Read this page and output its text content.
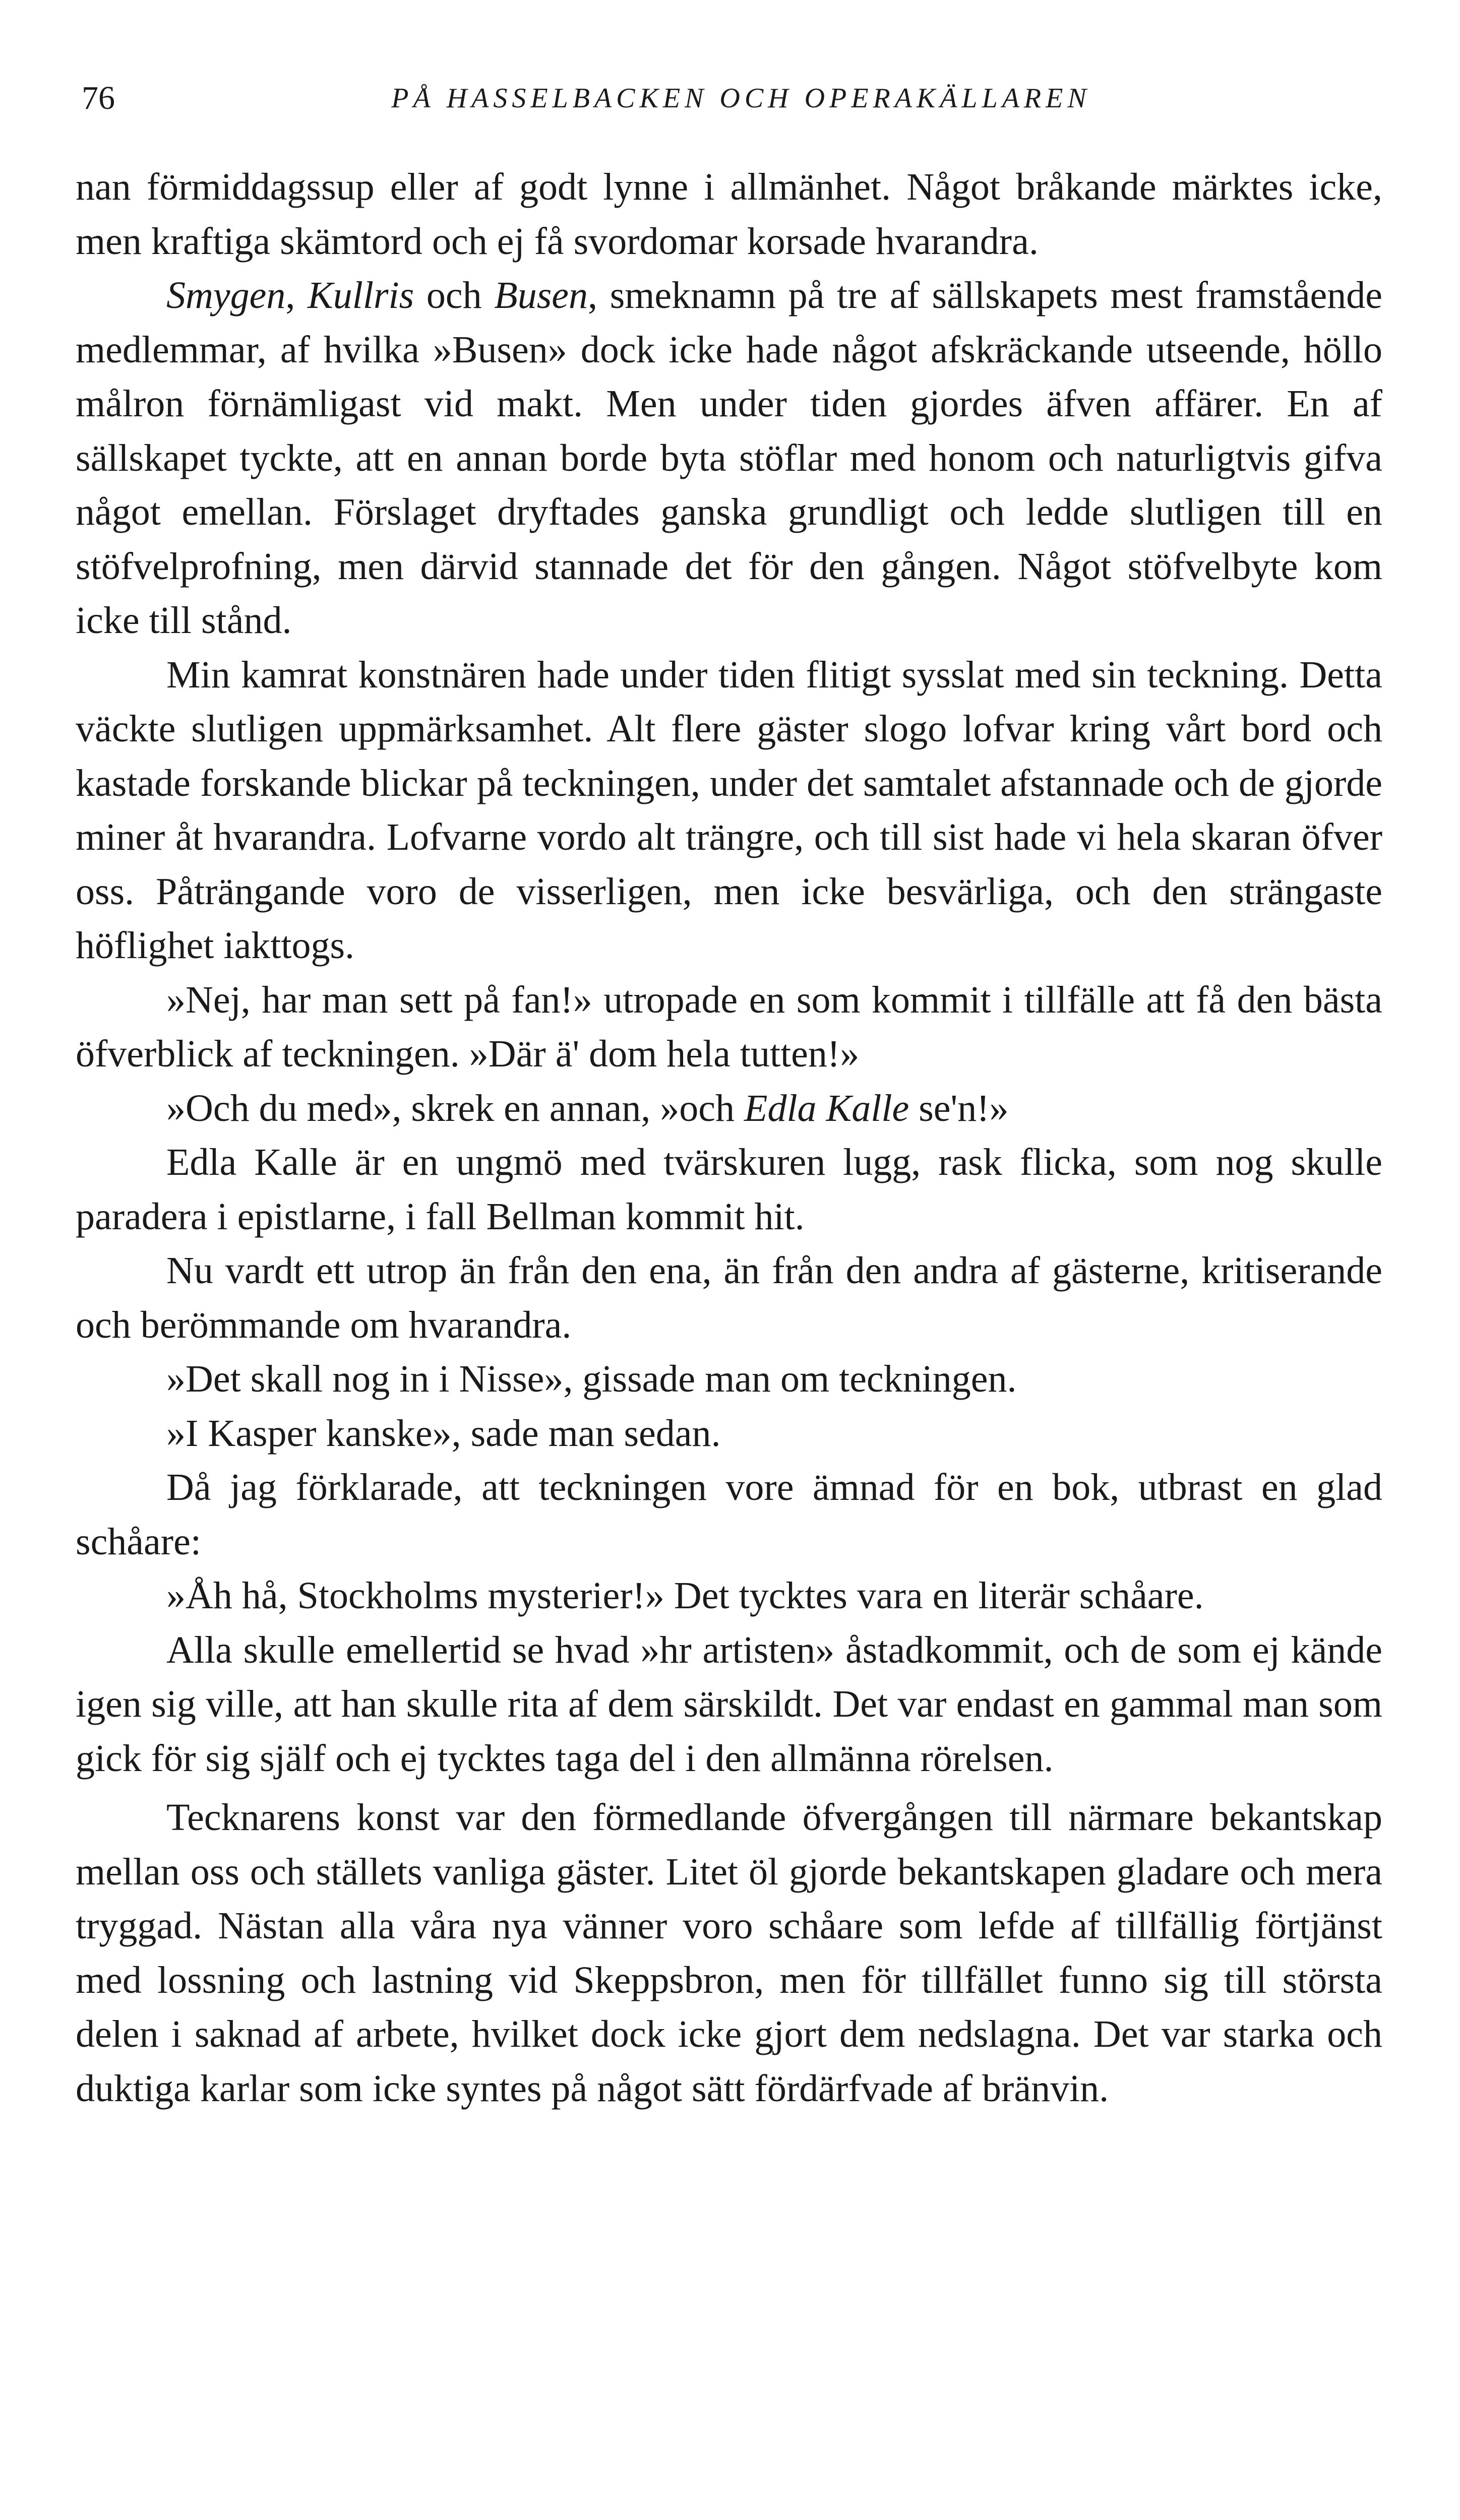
76	PÅ HASSELBACKEN OCH OPERAKÄLLAREN

nan förmiddagssup eller af godt lynne i allmänhet. Något bråkande märktes icke, men kraftiga skämtord och ej få svordomar korsade hvarandra.

Smygen, Kullris och Busen, smeknamn på tre af sällskapets mest framstående medlemmar, af hvilka »Busen» dock icke hade något afskräckande utseende, höllo målron förnämligast vid makt. Men under tiden gjordes äfven affärer. En af sällskapet tyckte, att en annan borde byta stöflar med honom och naturligtvis gifva något emellan. Förslaget dryftades ganska grundligt och ledde slutligen till en stöfvelprofning, men därvid stannade det för den gången. Något stöfvelbyte kom icke till stånd.

Min kamrat konstnären hade under tiden flitigt sysslat med sin teckning. Detta väckte slutligen uppmärksamhet. Alt flere gäster slogo lofvar kring vårt bord och kastade forskande blickar på teckningen, under det samtalet afstannade och de gjorde miner åt hvarandra. Lofvarne vordo alt trängre, och till sist hade vi hela skaran öfver oss. Påträngande voro de visserligen, men icke besvärliga, och den strängaste höflighet iakttogs.

»Nej, har man sett på fan!» utropade en som kommit i tillfälle att få den bästa öfverblick af teckningen. »Där ä' dom hela tutten!»

»Och du med», skrek en annan, »och Edla Kalle se'n!»

Edla Kalle är en ungmö med tvärskuren lugg, rask flicka, som nog skulle paradera i epistlarne, i fall Bellman kommit hit.

Nu vardt ett utrop än från den ena, än från den andra af gästerne, kritiserande och berömmande om hvarandra.

»Det skall nog in i Nisse», gissade man om teckningen.

»I Kasper kanske», sade man sedan.

Då jag förklarade, att teckningen vore ämnad för en bok, utbrast en glad schåare:

»Åh hå, Stockholms mysterier!» Det tycktes vara en literär schåare.

Alla skulle emellertid se hvad »hr artisten» åstadkommit, och de som ej kände igen sig ville, att han skulle rita af dem särskildt. Det var endast en gammal man som gick för sig själf och ej tycktes taga del i den allmänna rörelsen.

Tecknarens konst var den förmedlande öfvergången till närmare bekantskap mellan oss och ställets vanliga gäster. Litet öl gjorde bekantskapen gladare och mera tryggad. Nästan alla våra nya vänner voro schåare som lefde af tillfällig förtjänst med lossning och lastning vid Skeppsbron, men för tillfället funno sig till största delen i saknad af arbete, hvilket dock icke gjort dem nedslagna. Det var starka och duktiga karlar som icke syntes på något sätt fördärfvade af bränvin.
